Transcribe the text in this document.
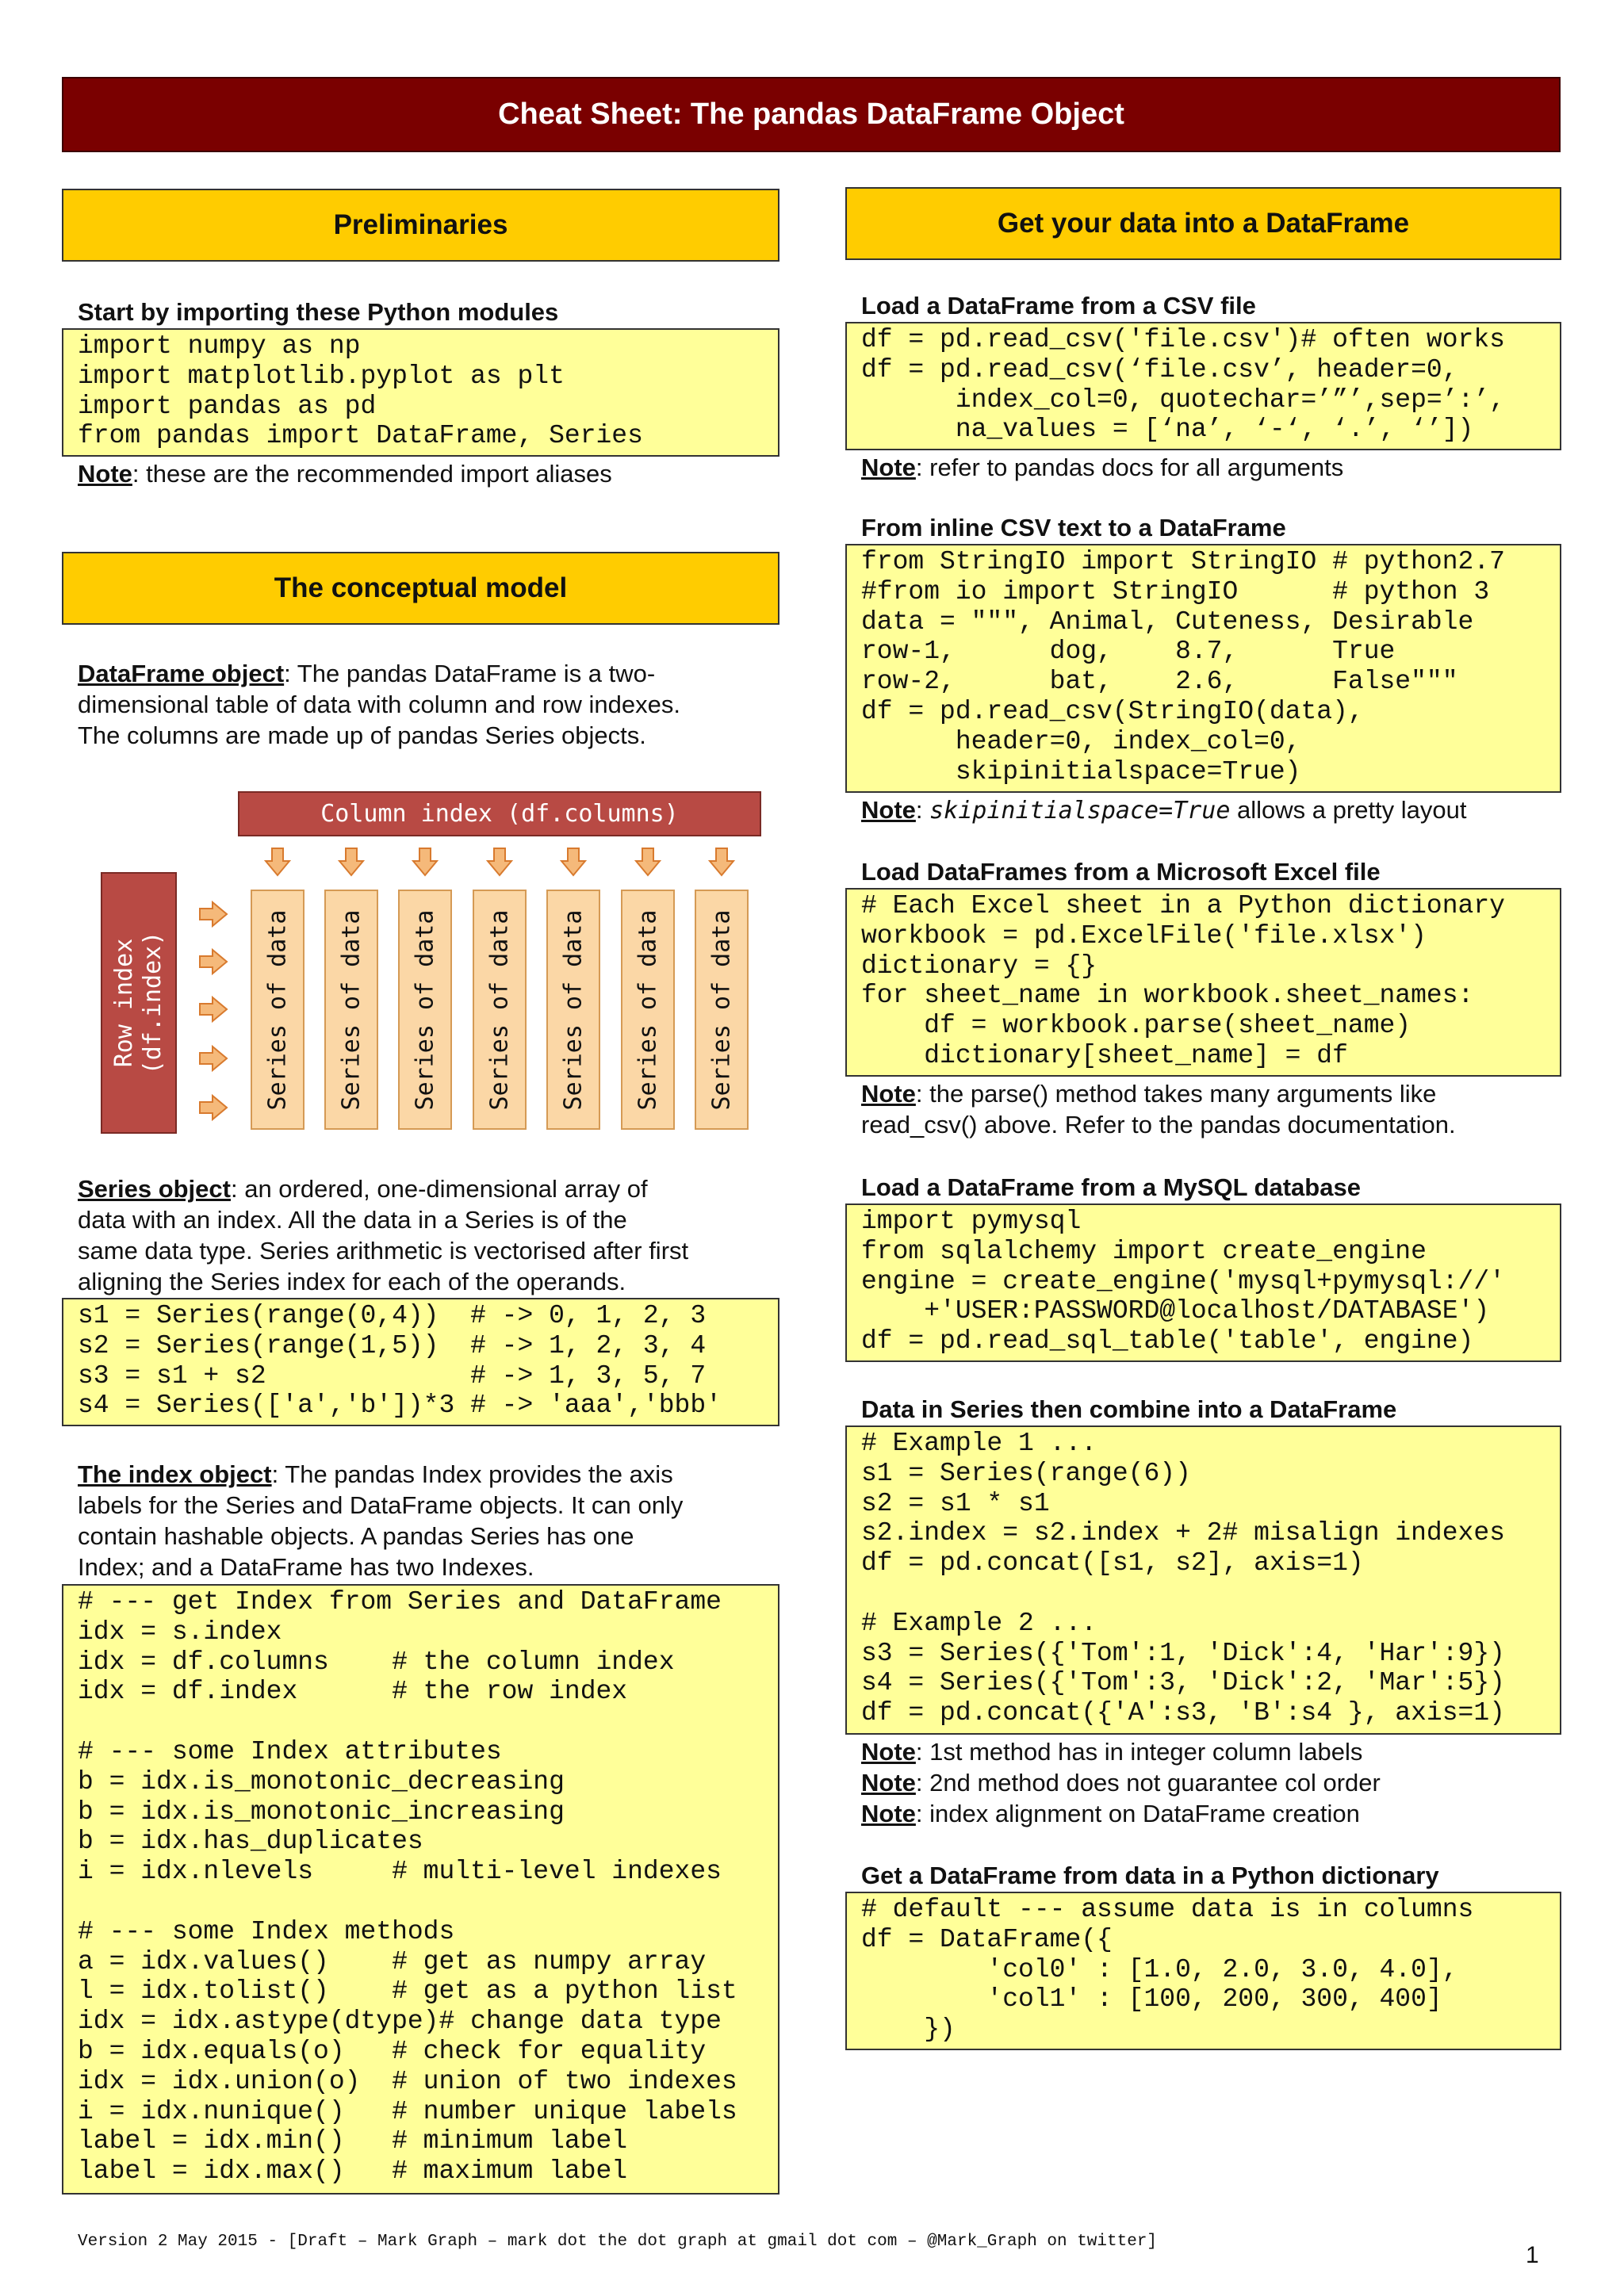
Cheat Sheet: The pandas DataFrame Object
Preliminaries
Start by importing these Python modules
import numpy as np
import matplotlib.pyplot as plt
import pandas as pd
from pandas import DataFrame, Series
Note: these are the recommended import aliases
The conceptual model
DataFrame object: The pandas DataFrame is a two-
dimensional table of data with column and row indexes.
The columns are made up of pandas Series objects.
Column index (df.columns)
Row index (df.index)	Series of data Series of data Series of data Series of data Series of data Series of data Series of data
Series object: an ordered, one-dimensional array of
data with an index. All the data in a Series is of the
same data type. Series arithmetic is vectorised after first
aligning the Series index for each of the operands.
s1 = Series(range(0,4))  # -> 0, 1, 2, 3
s2 = Series(range(1,5))  # -> 1, 2, 3, 4
s3 = s1 + s2             # -> 1, 3, 5, 7
s4 = Series(['a','b'])*3 # -> 'aaa','bbb'
The index object: The pandas Index provides the axis
labels for the Series and DataFrame objects. It can only
contain hashable objects. A pandas Series has one
Index; and a DataFrame has two Indexes.
# --- get Index from Series and DataFrame
idx = s.index
idx = df.columns    # the column index
idx = df.index      # the row index

# --- some Index attributes
b = idx.is_monotonic_decreasing
b = idx.is_monotonic_increasing
b = idx.has_duplicates
i = idx.nlevels     # multi-level indexes

# --- some Index methods
a = idx.values()    # get as numpy array
l = idx.tolist()    # get as a python list
idx = idx.astype(dtype)# change data type
b = idx.equals(o)   # check for equality
idx = idx.union(o)  # union of two indexes
i = idx.nunique()   # number unique labels
label = idx.min()   # minimum label
label = idx.max()   # maximum label
Get your data into a DataFrame
Load a DataFrame from a CSV file
df = pd.read_csv('file.csv')# often works
df = pd.read_csv(‘file.csv’, header=0,
index_col=0, quotechar=’”’,sep=’:’,
na_values = [‘na’, ‘-‘, ‘.’, ‘’])
Note: refer to pandas docs for all arguments
From inline CSV text to a DataFrame
from StringIO import StringIO # python2.7
#from io import StringIO      # python 3
data = """, Animal, Cuteness, Desirable
row-1,      dog,    8.7,      True
row-2,      bat,    2.6,      False"""
df = pd.read_csv(StringIO(data),
header=0, index_col=0,
skipinitialspace=True)
Note: skipinitialspace=True allows a pretty layout
Load DataFrames from a Microsoft Excel file
# Each Excel sheet in a Python dictionary
workbook = pd.ExcelFile('file.xlsx')
dictionary = {}
for sheet_name in workbook.sheet_names:
df = workbook.parse(sheet_name)
dictionary[sheet_name] = df
Note: the parse() method takes many arguments like
read_csv() above. Refer to the pandas documentation.
Load a DataFrame from a MySQL database
import pymysql
from sqlalchemy import create_engine
engine = create_engine('mysql+pymysql://'
+'USER:PASSWORD@localhost/DATABASE')
df = pd.read_sql_table('table', engine)
Data in Series then combine into a DataFrame
# Example 1 ...
s1 = Series(range(6))
s2 = s1 * s1
s2.index = s2.index + 2# misalign indexes
df = pd.concat([s1, s2], axis=1)

# Example 2 ...
s3 = Series({'Tom':1, 'Dick':4, 'Har':9})
s4 = Series({'Tom':3, 'Dick':2, 'Mar':5})
df = pd.concat({'A':s3, 'B':s4 }, axis=1)
Note: 1st method has in integer column labels
Note: 2nd method does not guarantee col order
Note: index alignment on DataFrame creation
Get a DataFrame from data in a Python dictionary
# default --- assume data is in columns
df = DataFrame({
'col0' : [1.0, 2.0, 3.0, 4.0],
'col1' : [100, 200, 300, 400]
})
Version 2 May 2015 - [Draft – Mark Graph – mark dot the dot graph at gmail dot com – @Mark_Graph on twitter]
1
